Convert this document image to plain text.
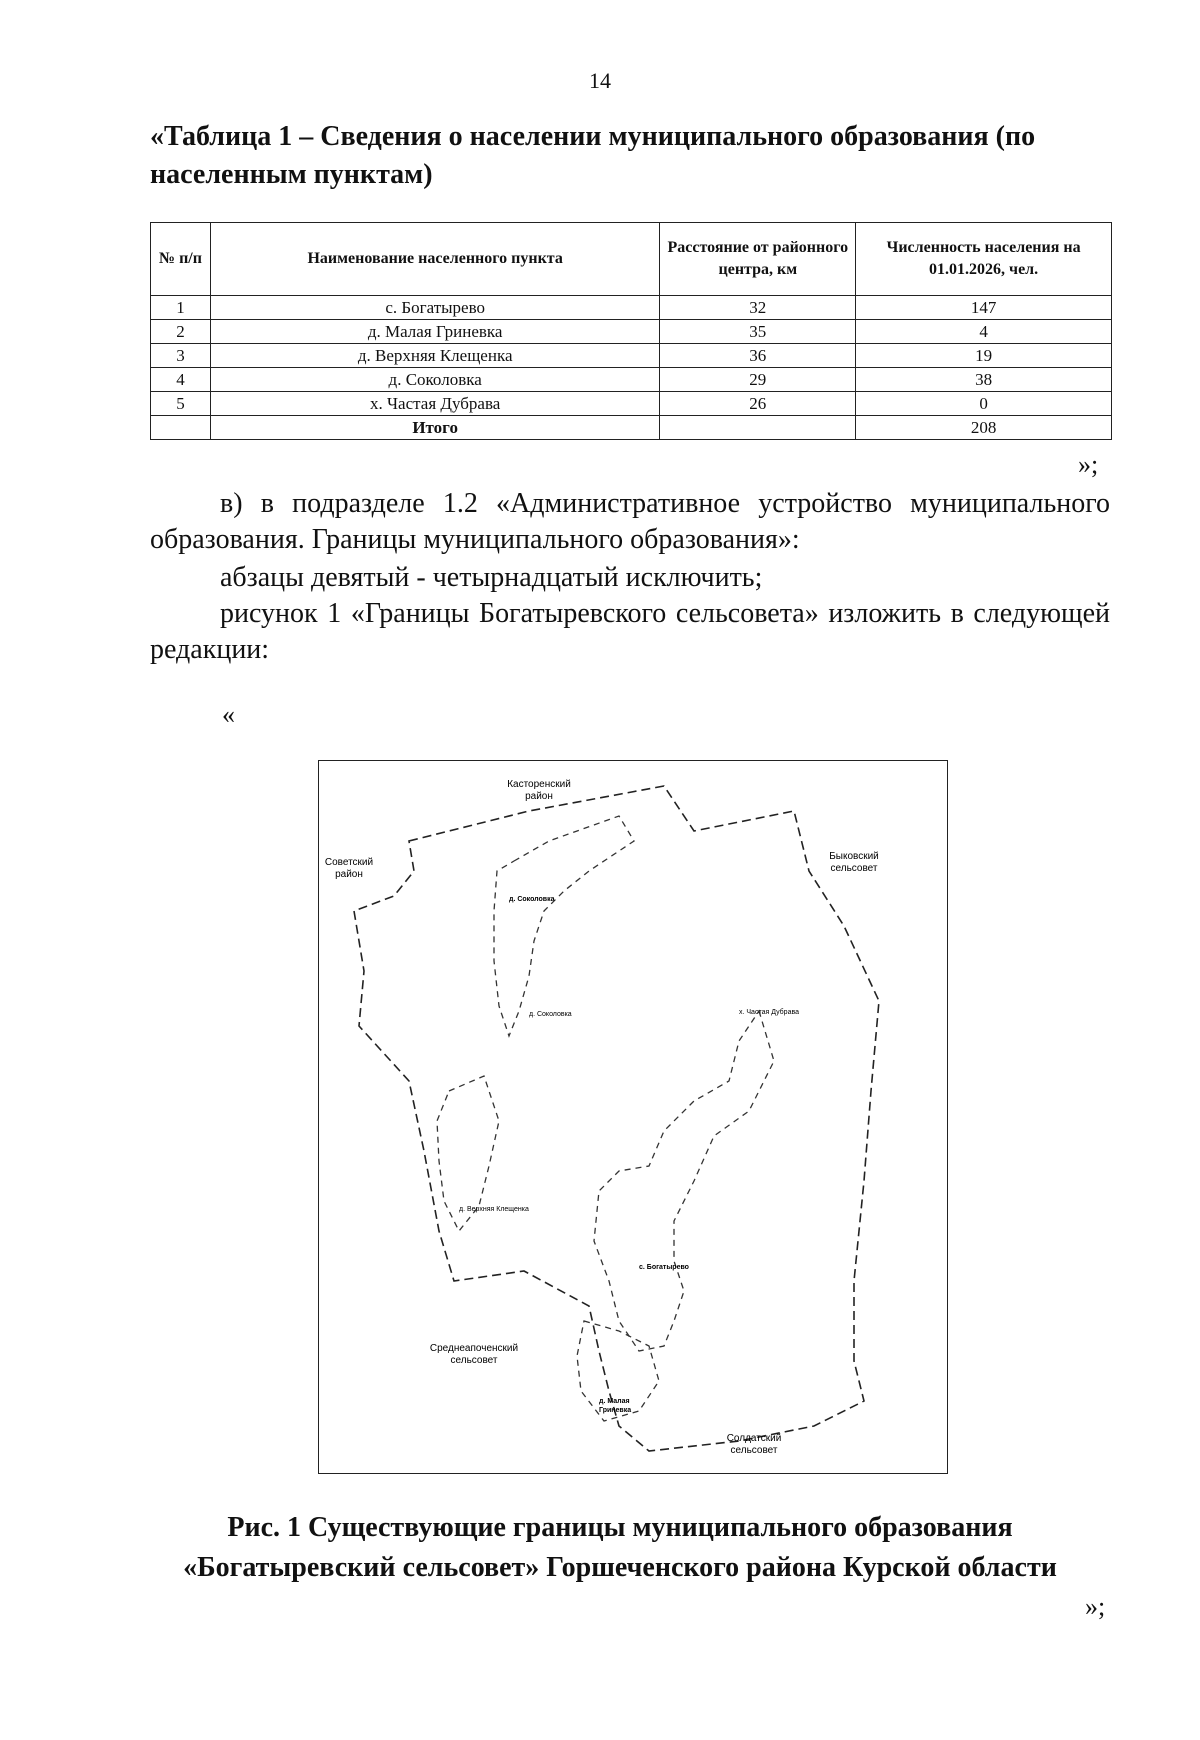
14
«Таблица 1 – Сведения о населении муниципального образования (по населенным пунктам)
№ п/п	Наименование населенного пункта	Расстояние от районного центра, км	Численность населения на 01.01.2026, чел.
1	с. Богатырево	32	147
2	д. Малая Гриневка	35	4
3	д. Верхняя Клещенка	36	19
4	д. Соколовка	29	38
5	х. Частая Дубрава	26	0
	Итого		208
»;
в) в подразделе 1.2 «Административное устройство муниципального образования. Границы муниципального образования»:
абзацы девятый - четырнадцатый исключить;
рисунок 1 «Границы Богатыревского сельсовета» изложить в следующей редакции:
«
Касторенский
район
Советский
район
Быковский
сельсовет
Среднеапоченский
сельсовет
Солдатский
сельсовет
д. Соколовка
д. Соколовка	х. Частая Дубрава
д. Верхняя Клещенка
с. Богатырево
д. Малая
Гриневка
Рис. 1 Существующие границы муниципального образования
«Богатыревский сельсовет» Горшеченского района Курской области
»;
